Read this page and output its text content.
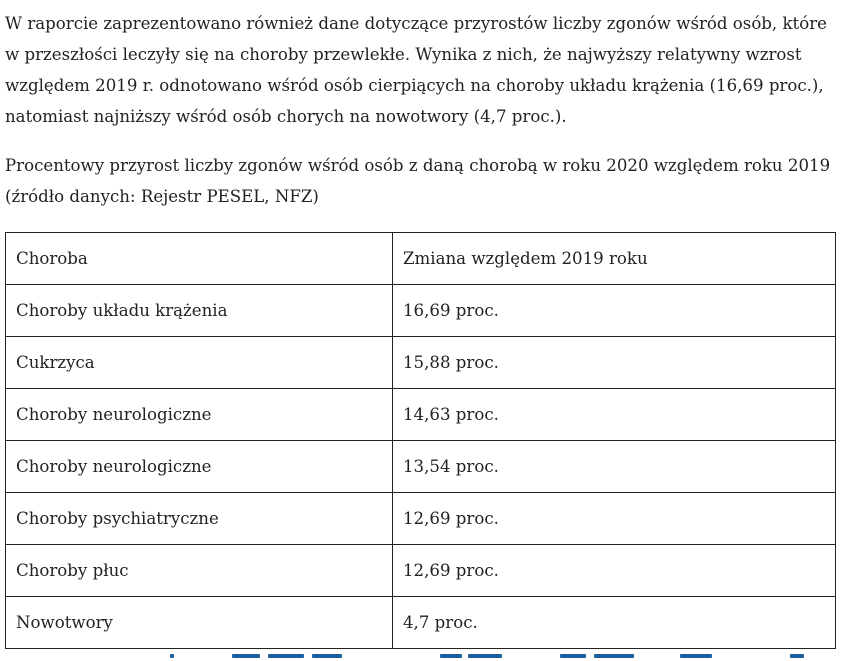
W raporcie zaprezentowano również dane dotyczące przyrostów liczby zgonów wśród osób, które w przeszłości leczyły się na choroby przewlekłe. Wynika z nich, że najwyższy relatywny wzrost względem 2019 r. odnotowano wśród osób cierpiących na choroby układu krążenia (16,69 proc.), natomiast najniższy wśród osób chorych na nowotwory (4,7 proc.).

Procentowy przyrost liczby zgonów wśród osób z daną chorobą w roku 2020 względem roku 2019 (źródło danych: Rejestr PESEL, NFZ)

Choroba	Zmiana względem 2019 roku
Choroby układu krążenia	16,69 proc.
Cukrzyca	15,88 proc.
Choroby neurologiczne	14,63 proc.
Choroby neurologiczne	13,54 proc.
Choroby psychiatryczne	12,69 proc.
Choroby płuc	12,69 proc.
Nowotwory	4,7 proc.
